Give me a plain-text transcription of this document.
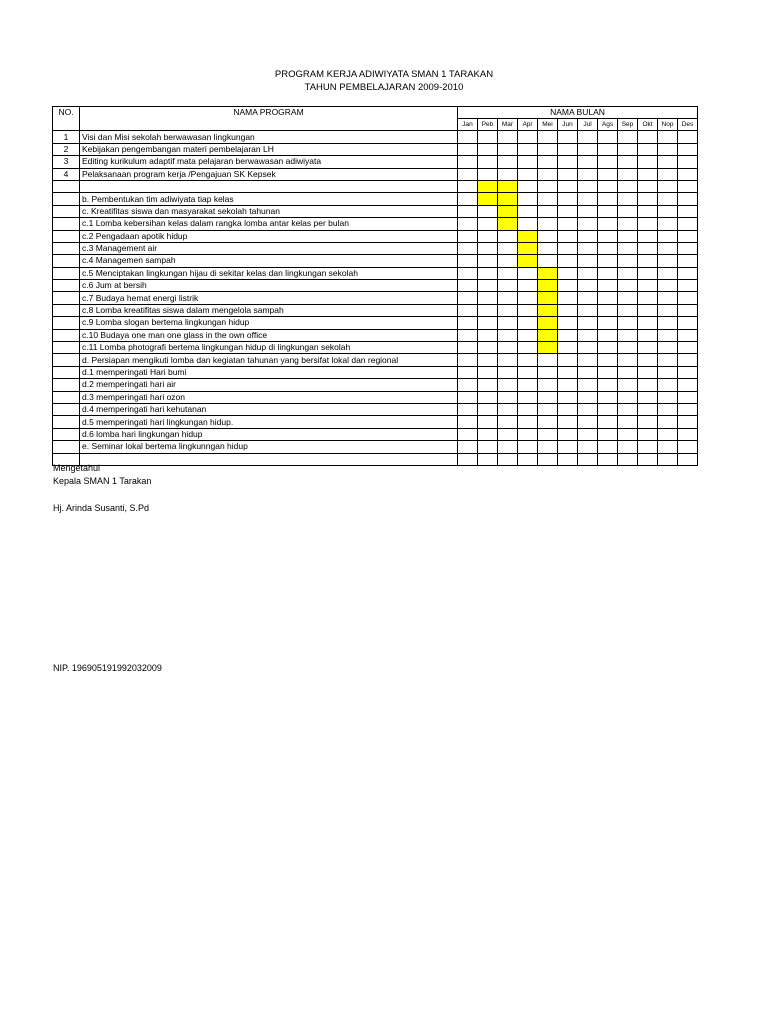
PROGRAM KERJA ADIWIYATA SMAN 1 TARAKAN
TAHUN PEMBELAJARAN 2009-2010
NO.	NAMA PROGRAM	NAMA BULAN											
		Jan	Peb	Mar	Apr	Mei	Jun	Jul	Ags	Sep	Okt	Nop	Des
1	Visi dan Misi sekolah berwawasan lingkungan												
2	Kebijakan pengembangan materi pembelajaran LH												
3	Editing kurikulum adaptif mata pelajaran berwawasan adiwiyata												
4	Pelaksanaan program kerja /Pengajuan SK Kepsek												

	b. Pembentukan tim adiwiyata tiap kelas												
	c. Kreatifitas siswa dan masyarakat sekolah tahunan												
	c.1 Lomba kebersihan kelas dalam rangka lomba antar kelas per bulan												
	c.2 Pengadaan apotik hidup												
	c.3 Management air												
	c.4 Managemen sampah												
	c.5 Menciptakan lingkungan hijau di sekitar kelas dan lingkungan sekolah												
	c.6 Jum at bersih												
	c.7 Budaya hemat energi listrik												
	c.8 Lomba kreatifitas siswa dalam mengelola sampah												
	c.9 Lomba slogan bertema lingkungan hidup												
	c.10 Budaya one man one glass in the own office												
	c.11 Lomba photografi bertema lingkungan hidup di lingkungan sekolah												
	d. Persiapan mengikuti lomba dan kegiatan tahunan yang bersifat lokal dan regional												
	d.1 memperingati Hari bumi												
	d.2 memperingati hari air												
	d.3 memperingati hari ozon												
	d.4 memperingati hari kehutanan												
	d.5 memperingati hari lingkungan hidup.												
	d.6 lomba hari lingkungan hidup												
	e. Seminar lokal bertema lingkunngan hidup												

Mengetahui
Kepala SMAN 1 Tarakan
Hj. Arinda Susanti, S.Pd
NIP. 196905191992032009
